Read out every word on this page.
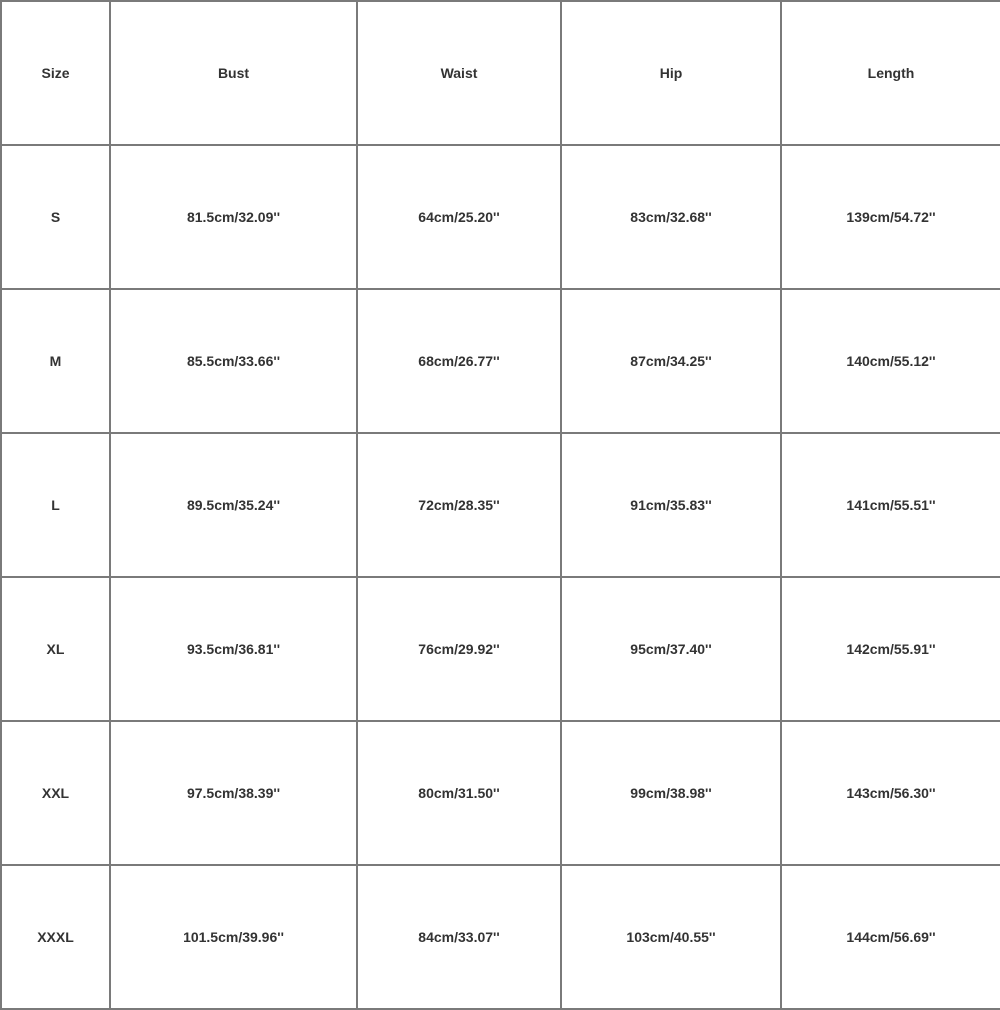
Size	Bust	Waist	Hip	Length
S	81.5cm/32.09''	64cm/25.20''	83cm/32.68''	139cm/54.72''
M	85.5cm/33.66''	68cm/26.77''	87cm/34.25''	140cm/55.12''
L	89.5cm/35.24''	72cm/28.35''	91cm/35.83''	141cm/55.51''
XL	93.5cm/36.81''	76cm/29.92''	95cm/37.40''	142cm/55.91''
XXL	97.5cm/38.39''	80cm/31.50''	99cm/38.98''	143cm/56.30''
XXXL	101.5cm/39.96''	84cm/33.07''	103cm/40.55''	144cm/56.69''
